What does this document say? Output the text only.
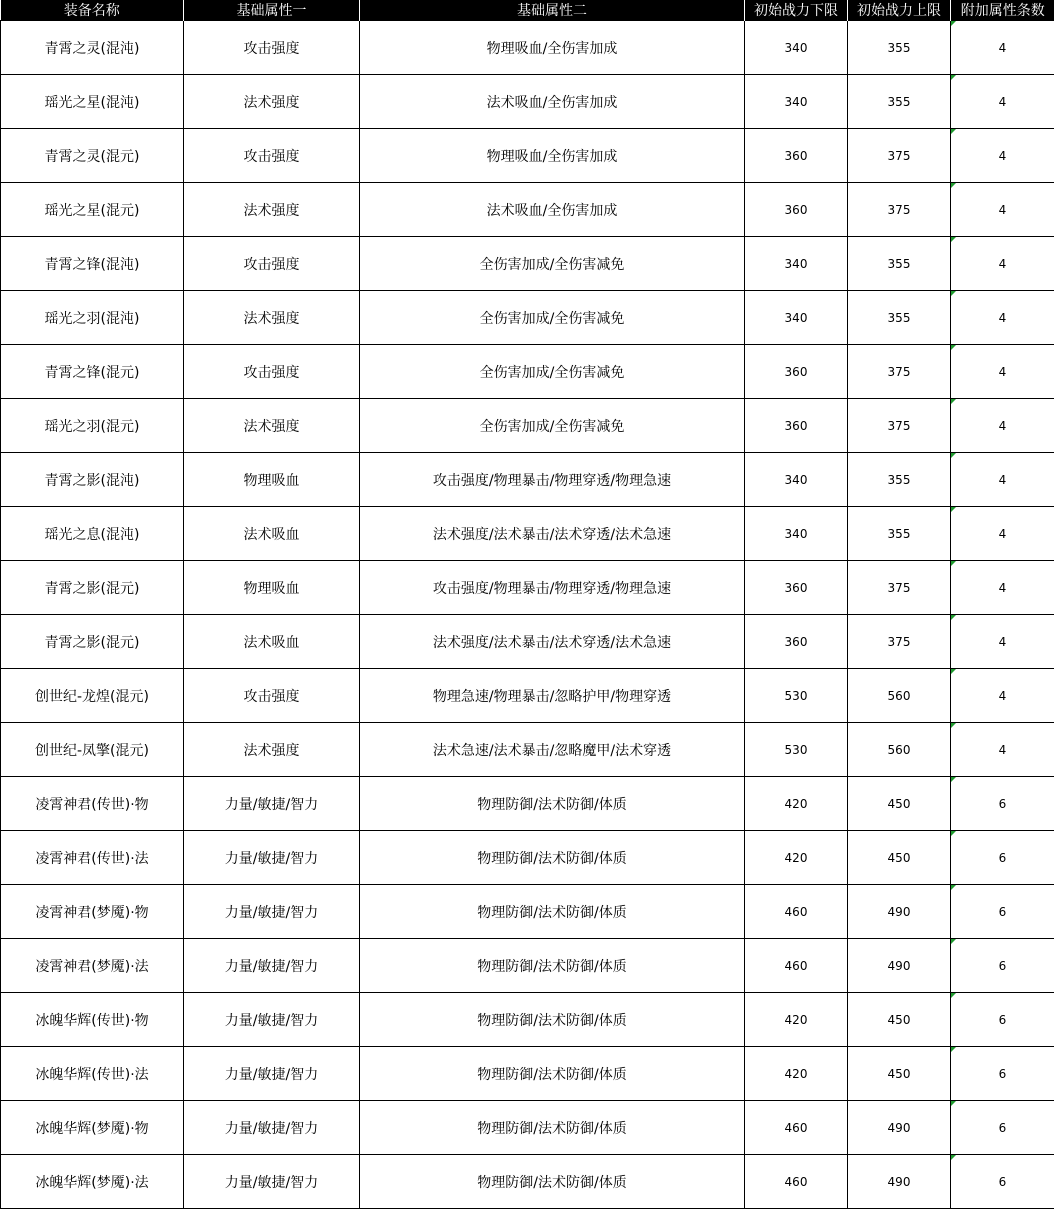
装备名称	基础属性一	基础属性二	初始战力下限	初始战力上限	附加属性条数
青霄之灵(混沌)	攻击强度	物理吸血/全伤害加成	340	355	4
瑶光之星(混沌)	法术强度	法术吸血/全伤害加成	340	355	4
青霄之灵(混元)	攻击强度	物理吸血/全伤害加成	360	375	4
瑶光之星(混元)	法术强度	法术吸血/全伤害加成	360	375	4
青霄之锋(混沌)	攻击强度	全伤害加成/全伤害减免	340	355	4
瑶光之羽(混沌)	法术强度	全伤害加成/全伤害减免	340	355	4
青霄之锋(混元)	攻击强度	全伤害加成/全伤害减免	360	375	4
瑶光之羽(混元)	法术强度	全伤害加成/全伤害减免	360	375	4
青霄之影(混沌)	物理吸血	攻击强度/物理暴击/物理穿透/物理急速	340	355	4
瑶光之息(混沌)	法术吸血	法术强度/法术暴击/法术穿透/法术急速	340	355	4
青霄之影(混元)	物理吸血	攻击强度/物理暴击/物理穿透/物理急速	360	375	4
青霄之影(混元)	法术吸血	法术强度/法术暴击/法术穿透/法术急速	360	375	4
创世纪-龙煌(混元)	攻击强度	物理急速/物理暴击/忽略护甲/物理穿透	530	560	4
创世纪-凤擎(混元)	法术强度	法术急速/法术暴击/忽略魔甲/法术穿透	530	560	4
凌霄神君(传世)·物	力量/敏捷/智力	物理防御/法术防御/体质	420	450	6
凌霄神君(传世)·法	力量/敏捷/智力	物理防御/法术防御/体质	420	450	6
凌霄神君(梦魇)·物	力量/敏捷/智力	物理防御/法术防御/体质	460	490	6
凌霄神君(梦魇)·法	力量/敏捷/智力	物理防御/法术防御/体质	460	490	6
冰魄华辉(传世)·物	力量/敏捷/智力	物理防御/法术防御/体质	420	450	6
冰魄华辉(传世)·法	力量/敏捷/智力	物理防御/法术防御/体质	420	450	6
冰魄华辉(梦魇)·物	力量/敏捷/智力	物理防御/法术防御/体质	460	490	6
冰魄华辉(梦魇)·法	力量/敏捷/智力	物理防御/法术防御/体质	460	490	6
